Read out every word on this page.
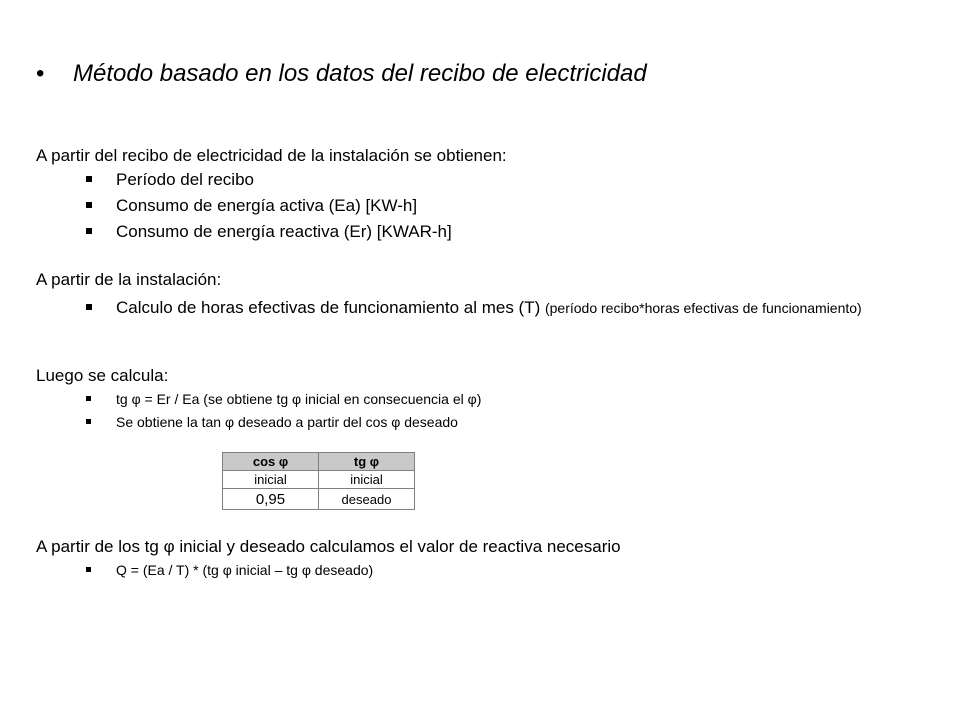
• Método basado en los datos del recibo de electricidad
A partir del recibo de electricidad de la instalación se obtienen:
Período del recibo
Consumo de energía activa (Ea) [KW-h]
Consumo de energía reactiva (Er) [KWAR-h]
A partir de la instalación:
Calculo de horas efectivas de funcionamiento al mes (T) (período recibo*horas efectivas de funcionamiento)
Luego se calcula:
tg φ = Er / Ea (se obtiene tg φ inicial en consecuencia el φ)
Se obtiene la tan φ deseado a partir del cos φ deseado
cos φ	tg φ
inicial	inicial
0,95	deseado
A partir de los tg φ inicial y deseado calculamos el valor de reactiva necesario
Q = (Ea / T) * (tg φ inicial – tg φ deseado)
